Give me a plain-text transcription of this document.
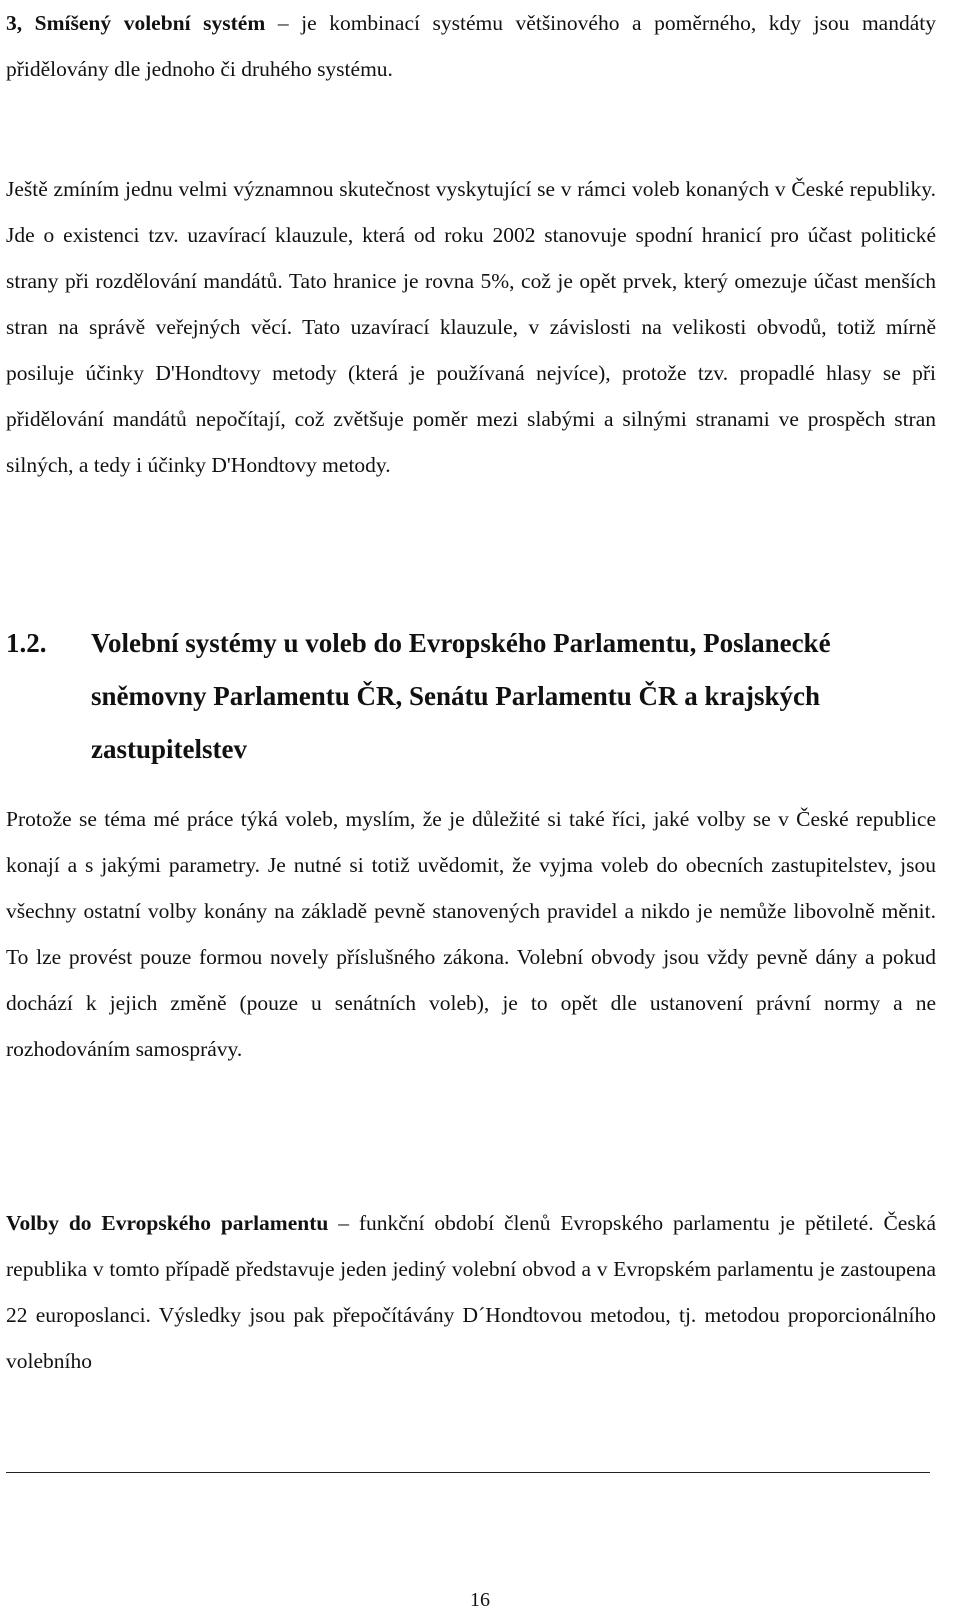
3, Smíšený volební systém – je kombinací systému většinového a poměrného, kdy jsou mandáty přidělovány dle jednoho či druhého systému.

Ještě zmíním jednu velmi významnou skutečnost vyskytující se v rámci voleb konaných v České republiky. Jde o existenci tzv. uzavírací klauzule, která od roku 2002 stanovuje spodní hranicí pro účast politické strany při rozdělování mandátů. Tato hranice je rovna 5%, což je opět prvek, který omezuje účast menších stran na správě veřejných věcí. Tato uzavírací klauzule, v závislosti na velikosti obvodů, totiž mírně posiluje účinky D'Hondtovy metody (která je používaná nejvíce), protože tzv. propadlé hlasy se při přidělování mandátů nepočítají, což zvětšuje poměr mezi slabými a silnými stranami ve prospěch stran silných, a tedy i účinky D'Hondtovy metody.

1.2.	Volební systémy u voleb do Evropského Parlamentu, Poslanecké sněmovny Parlamentu ČR, Senátu Parlamentu ČR a krajských zastupitelstev

Protože se téma mé práce týká voleb, myslím, že je důležité si také říci, jaké volby se v České republice konají a s jakými parametry. Je nutné si totiž uvědomit, že vyjma voleb do obecních zastupitelstev, jsou všechny ostatní volby konány na základě pevně stanovených pravidel a nikdo je nemůže libovolně měnit. To lze provést pouze formou novely příslušného zákona. Volební obvody jsou vždy pevně dány a pokud dochází k jejich změně (pouze u senátních voleb), je to opět dle ustanovení právní normy a ne rozhodováním samosprávy.

Volby do Evropského parlamentu – funkční období členů Evropského parlamentu je pětileté. Česká republika v tomto případě představuje jeden jediný volební obvod a v Evropském parlamentu je zastoupena 22 europoslanci. Výsledky jsou pak přepočítávány D´Hondtovou metodou, tj. metodou proporcionálního volebního

16
